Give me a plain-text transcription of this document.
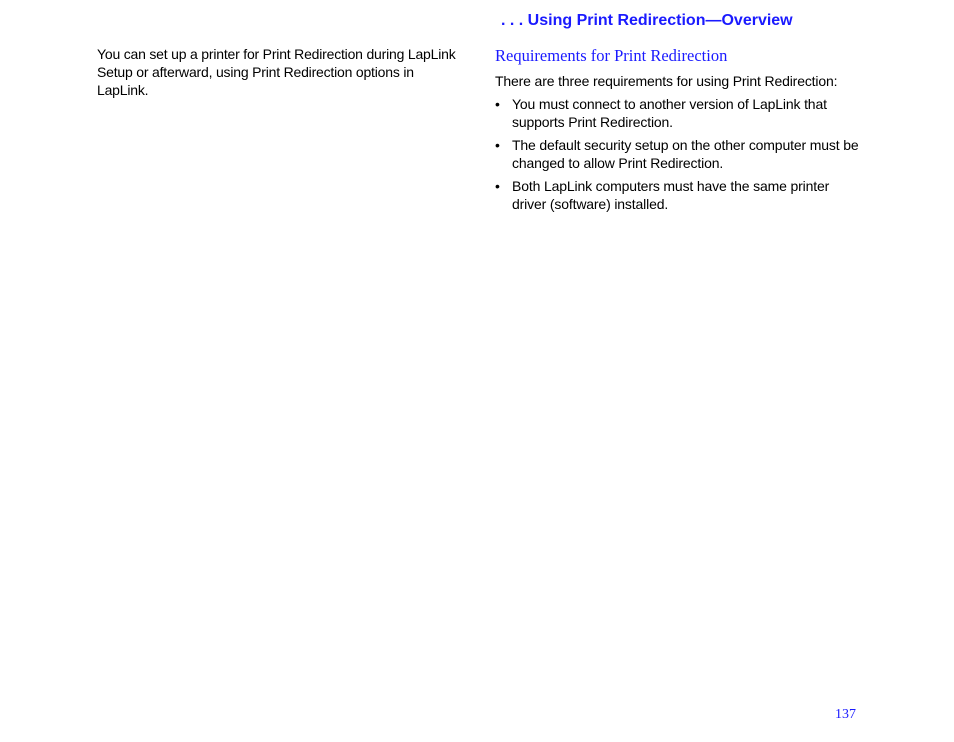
. . . Using Print Redirection—Overview

You can set up a printer for Print Redirection during LapLink Setup or afterward, using Print Redirection options in LapLink.

Requirements for Print Redirection

There are three requirements for using Print Redirection:

• You must connect to another version of LapLink that supports Print Redirection.
• The default security setup on the other computer must be changed to allow Print Redirection.
• Both LapLink computers must have the same printer driver (software) installed.

137
